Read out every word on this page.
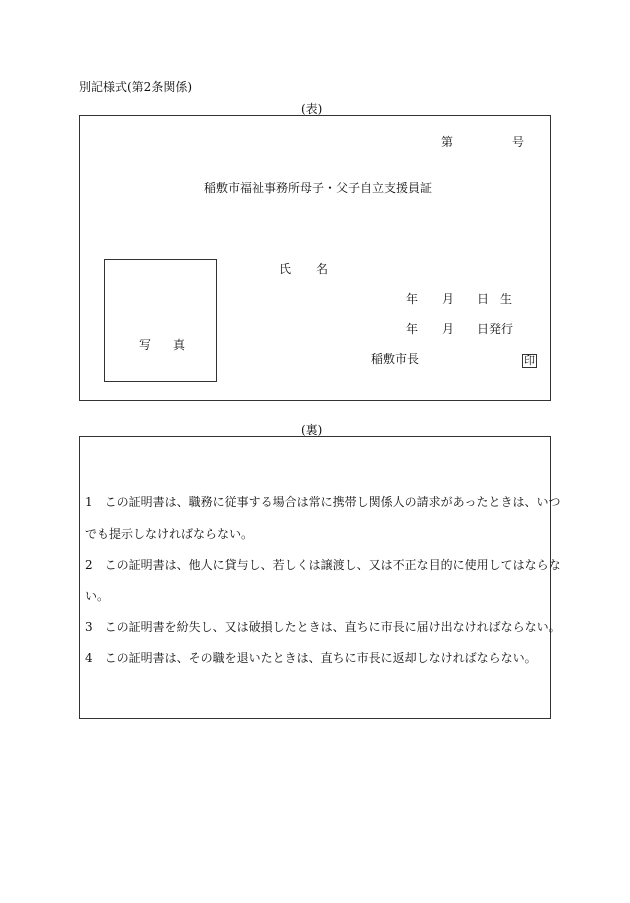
別記様式(第2条関係)
(表)
第	号
稲敷市福祉事務所母子・父子自立支援員証
写 真
氏 名
年 月 日 生
年 月 日発行
稲敷市長	印
(裏)
1　この証明書は、職務に従事する場合は常に携帯し関係人の請求があったときは、いつ
でも提示しなければならない。
2　この証明書は、他人に貸与し、若しくは譲渡し、又は不正な目的に使用してはならな
い。
3　この証明書を紛失し、又は破損したときは、直ちに市長に届け出なければならない。
4　この証明書は、その職を退いたときは、直ちに市長に返却しなければならない。
